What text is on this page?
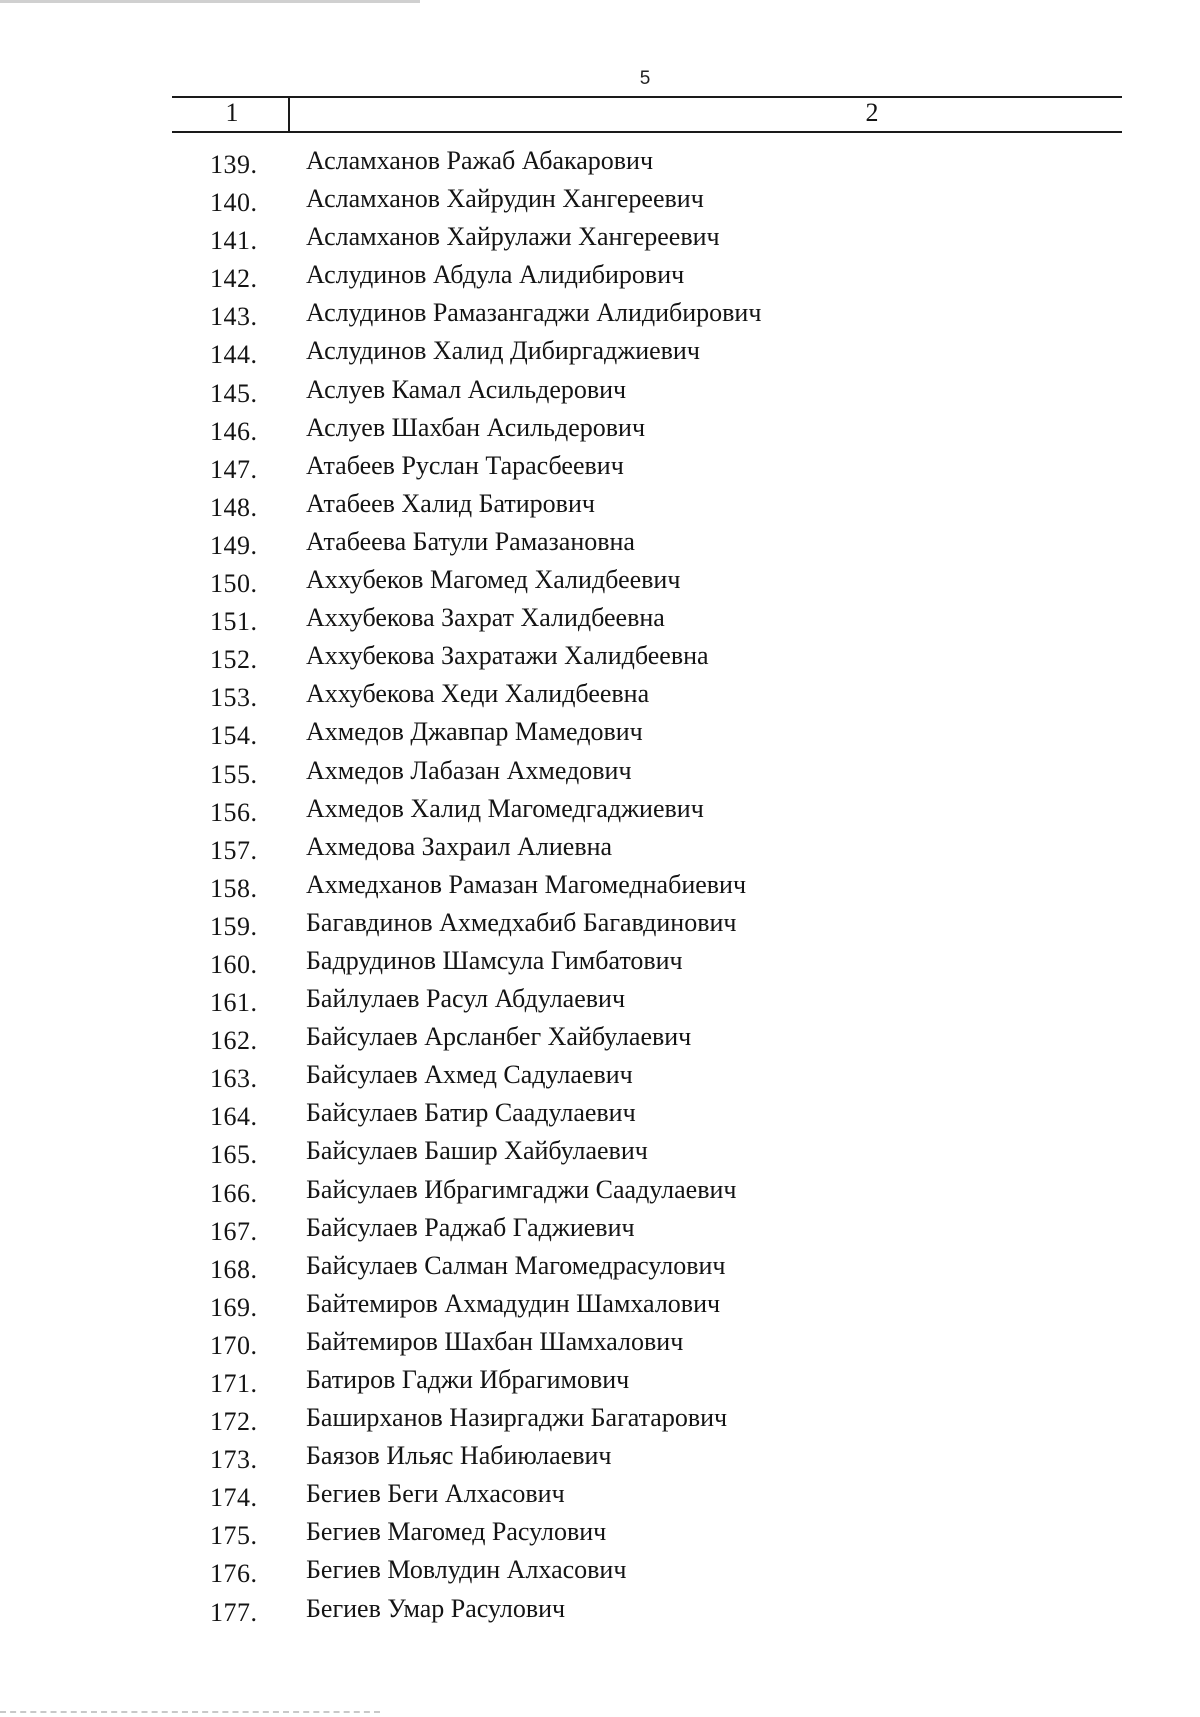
5
1	2
139.	Асламханов Ражаб Абакарович
140.	Асламханов Хайрудин Хангереевич
141.	Асламханов Хайрулажи Хангереевич
142.	Аслудинов Абдула Алидибирович
143.	Аслудинов Рамазангаджи Алидибирович
144.	Аслудинов Халид Дибиргаджиевич
145.	Аслуев Камал Асильдерович
146.	Аслуев Шахбан Асильдерович
147.	Атабеев Руслан Тарасбеевич
148.	Атабеев Халид Батирович
149.	Атабеева Батули Рамазановна
150.	Аххубеков Магомед Халидбеевич
151.	Аххубекова Захрат Халидбеевна
152.	Аххубекова Захратажи Халидбеевна
153.	Аххубекова Хеди Халидбеевна
154.	Ахмедов Джавпар Мамедович
155.	Ахмедов Лабазан Ахмедович
156.	Ахмедов Халид Магомедгаджиевич
157.	Ахмедова Захраил Алиевна
158.	Ахмедханов Рамазан Магомеднабиевич
159.	Багавдинов Ахмедхабиб Багавдинович
160.	Бадрудинов Шамсула Гимбатович
161.	Байлулаев Расул Абдулаевич
162.	Байсулаев Арсланбег Хайбулаевич
163.	Байсулаев Ахмед Садулаевич
164.	Байсулаев Батир Саадулаевич
165.	Байсулаев Башир Хайбулаевич
166.	Байсулаев Ибрагимгаджи Саадулаевич
167.	Байсулаев Раджаб Гаджиевич
168.	Байсулаев Салман Магомедрасулович
169.	Байтемиров Ахмадудин Шамхалович
170.	Байтемиров Шахбан Шамхалович
171.	Батиров Гаджи Ибрагимович
172.	Баширханов Назиргаджи Багатарович
173.	Баязов Ильяс Набиюлаевич
174.	Бегиев Беги Алхасович
175.	Бегиев Магомед Расулович
176.	Бегиев Мовлудин Алхасович
177.	Бегиев Умар Расулович
